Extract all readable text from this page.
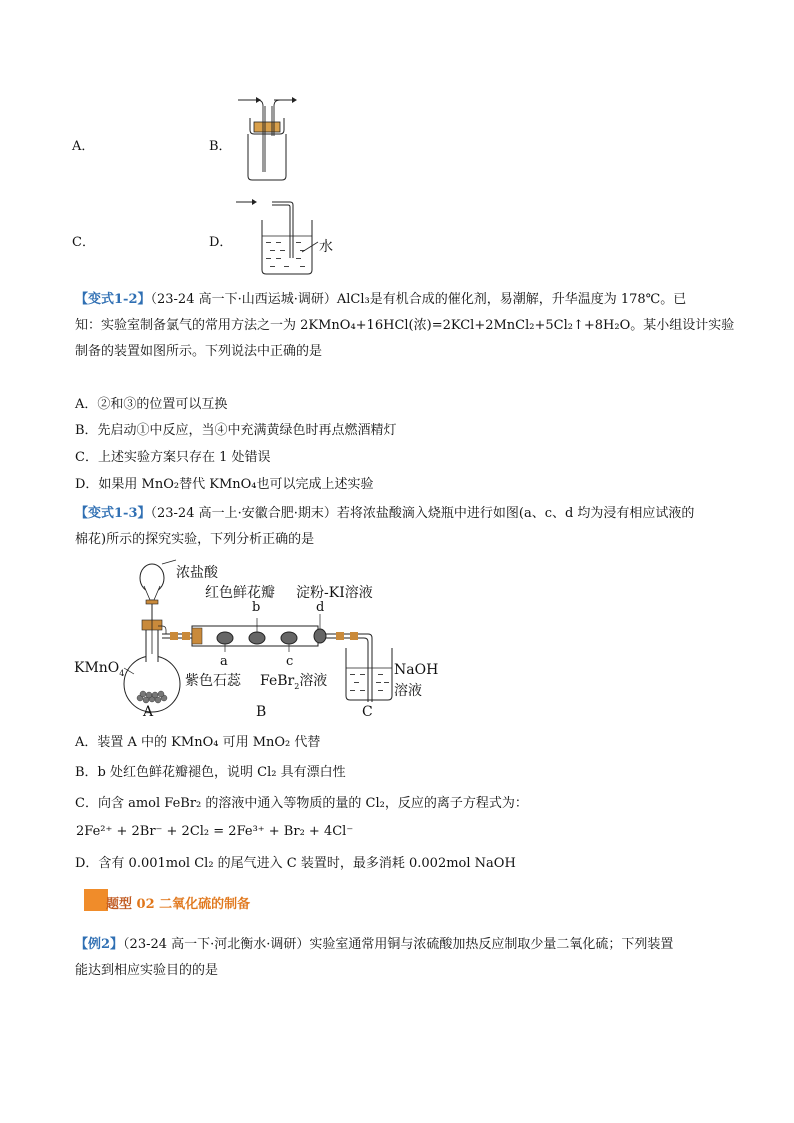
A．	B．
C．	D．	水
【变式1-2】（23-24 高一下·山西运城·调研）AlCl₃是有机合成的催化剂，易潮解，升华温度为 178℃。已
知：实验室制备氯气的常用方法之一为 2KMnO₄+16HCl(浓)=2KCl+2MnCl₂+5Cl₂↑+8H₂O。某小组设计实验
制备的装置如图所示。下列说法中正确的是
A．②和③的位置可以互换
B．先启动①中反应，当④中充满黄绿色时再点燃酒精灯
C．上述实验方案只存在 1 处错误
D．如果用 MnO₂替代 KMnO₄也可以完成上述实验
【变式1-3】（23-24 高一上·安徽合肥·期末）若将浓盐酸滴入烧瓶中进行如图(a、c、d 均为浸有相应试液的
棉花)所示的探究实验，下列分析正确的是
浓盐酸
红色鲜花瓣 淀粉-KI溶液
b	d
a	c
KMnO$_4$	紫色石蕊 FeBr$_2$溶液
NaOH
溶液
A	B	C
A．装置 A 中的 KMnO₄ 可用 MnO₂ 代替
B．b 处红色鲜花瓣褪色，说明 Cl₂ 具有漂白性
C．向含 amol FeBr₂ 的溶液中通入等物质的量的 Cl₂，反应的离子方程式为：
2Fe²⁺ + 2Br⁻ + 2Cl₂ = 2Fe³⁺ + Br₂ + 4Cl⁻
D．含有 0.001mol Cl₂ 的尾气进入 C 装置时，最多消耗 0.002mol NaOH
题型 02 二氧化硫的制备
【例2】（23-24 高一下·河北衡水·调研）实验室通常用铜与浓硫酸加热反应制取少量二氧化硫；下列装置
能达到相应实验目的的是
